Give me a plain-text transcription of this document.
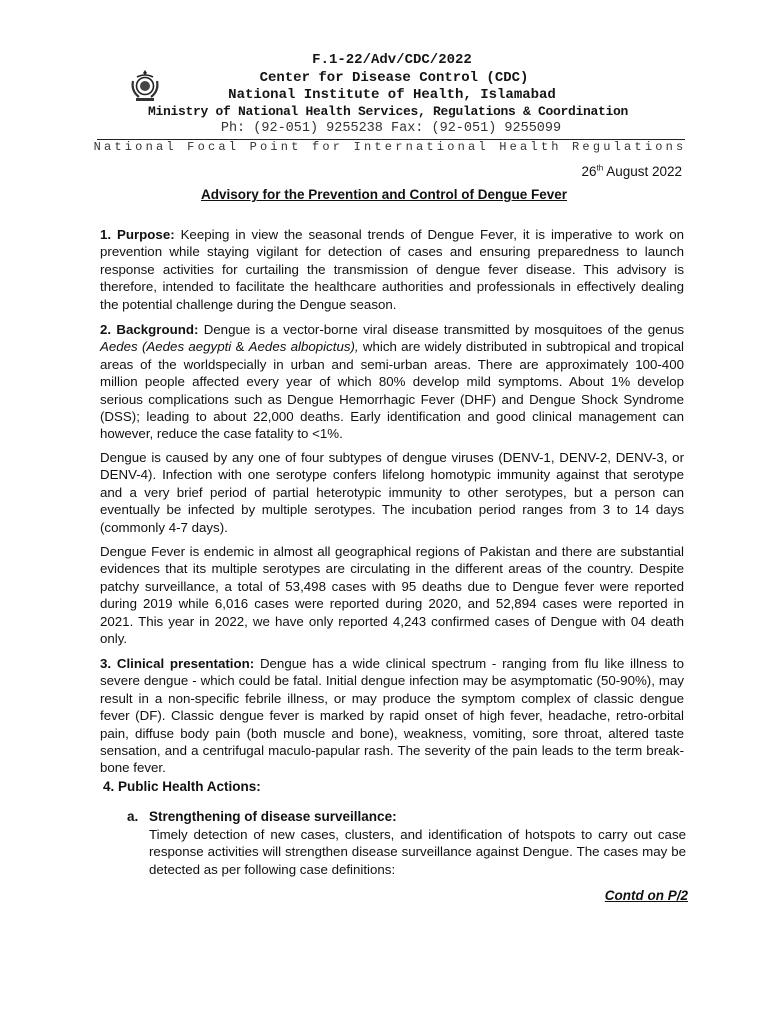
F.1-22/Adv/CDC/2022
Center for Disease Control (CDC)
National Institute of Health, Islamabad
Ministry of National Health Services, Regulations & Coordination
Ph: (92-051) 9255238 Fax: (92-051) 9255099
National Focal Point for International Health Regulations
26th August 2022
Advisory for the Prevention and Control of Dengue Fever
1. Purpose: Keeping in view the seasonal trends of Dengue Fever, it is imperative to work on prevention while staying vigilant for detection of cases and ensuring preparedness to launch response activities for curtailing the transmission of dengue fever disease. This advisory is therefore, intended to facilitate the healthcare authorities and professionals in effectively dealing the potential challenge during the Dengue season.
2. Background: Dengue is a vector-borne viral disease transmitted by mosquitoes of the genus Aedes (Aedes aegypti & Aedes albopictus), which are widely distributed in subtropical and tropical areas of the worldspecially in urban and semi-urban areas. There are approximately 100-400 million people affected every year of which 80% develop mild symptoms. About 1% develop serious complications such as Dengue Hemorrhagic Fever (DHF) and Dengue Shock Syndrome (DSS); leading to about 22,000 deaths. Early identification and good clinical management can however, reduce the case fatality to <1%.
Dengue is caused by any one of four subtypes of dengue viruses (DENV-1, DENV-2, DENV-3, or DENV-4). Infection with one serotype confers lifelong homotypic immunity against that serotype and a very brief period of partial heterotypic immunity to other serotypes, but a person can eventually be infected by multiple serotypes. The incubation period ranges from 3 to 14 days (commonly 4-7 days).
Dengue Fever is endemic in almost all geographical regions of Pakistan and there are substantial evidences that its multiple serotypes are circulating in the different areas of the country. Despite patchy surveillance, a total of 53,498 cases with 95 deaths due to Dengue fever were reported during 2019 while 6,016 cases were reported during 2020, and 52,894 cases were reported in 2021. This year in 2022, we have only reported 4,243 confirmed cases of Dengue with 04 death only.
3. Clinical presentation: Dengue has a wide clinical spectrum - ranging from flu like illness to severe dengue - which could be fatal. Initial dengue infection may be asymptomatic (50-90%), may result in a non-specific febrile illness, or may produce the symptom complex of classic dengue fever (DF). Classic dengue fever is marked by rapid onset of high fever, headache, retro-orbital pain, diffuse body pain (both muscle and bone), weakness, vomiting, sore throat, altered taste sensation, and a centrifugal maculo-papular rash. The severity of the pain leads to the term break-bone fever.
4. Public Health Actions:
a. Strengthening of disease surveillance:
Timely detection of new cases, clusters, and identification of hotspots to carry out case response activities will strengthen disease surveillance against Dengue. The cases may be detected as per following case definitions:
Contd on P/2
